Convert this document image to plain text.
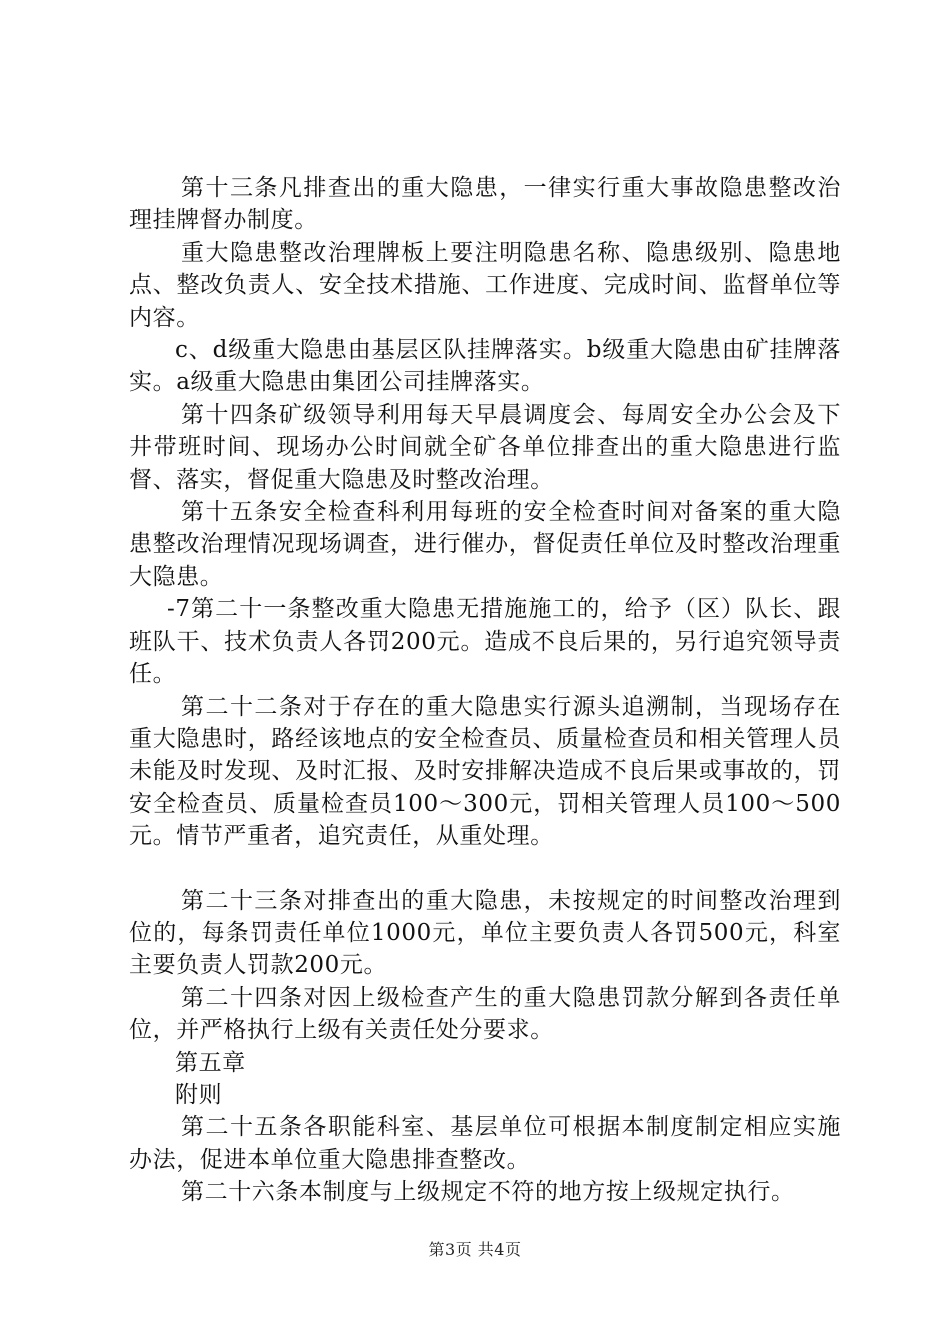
第十三条凡排查出的重大隐患，一律实行重大事故隐患整改治理挂牌督办制度。

重大隐患整改治理牌板上要注明隐患名称、隐患级别、隐患地点、整改负责人、安全技术措施、工作进度、完成时间、监督单位等内容。

c、d级重大隐患由基层区队挂牌落实。b级重大隐患由矿挂牌落实。a级重大隐患由集团公司挂牌落实。

第十四条矿级领导利用每天早晨调度会、每周安全办公会及下井带班时间、现场办公时间就全矿各单位排查出的重大隐患进行监督、落实，督促重大隐患及时整改治理。

第十五条安全检查科利用每班的安全检查时间对备案的重大隐患整改治理情况现场调查，进行催办，督促责任单位及时整改治理重大隐患。

-7第二十一条整改重大隐患无措施施工的，给予（区）队长、跟班队干、技术负责人各罚200元。造成不良后果的，另行追究领导责任。

第二十二条对于存在的重大隐患实行源头追溯制，当现场存在重大隐患时，路经该地点的安全检查员、质量检查员和相关管理人员未能及时发现、及时汇报、及时安排解决造成不良后果或事故的，罚安全检查员、质量检查员100～300元，罚相关管理人员100～500元。情节严重者，追究责任，从重处理。

第二十三条对排查出的重大隐患，未按规定的时间整改治理到位的，每条罚责任单位1000元，单位主要负责人各罚500元，科室主要负责人罚款200元。

第二十四条对因上级检查产生的重大隐患罚款分解到各责任单位，并严格执行上级有关责任处分要求。

第五章

附则

第二十五条各职能科室、基层单位可根据本制度制定相应实施办法，促进本单位重大隐患排查整改。

第二十六条本制度与上级规定不符的地方按上级规定执行。

第3页 共4页
